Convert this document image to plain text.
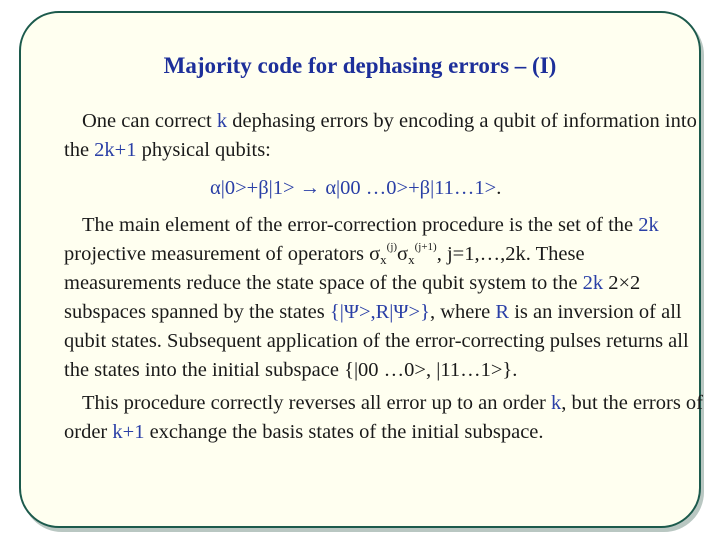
Majority code for dephasing errors – (I)

One can correct k dephasing errors by encoding a qubit of information into the 2k+1 physical qubits:

α|0>+β|1> → α|00 …0>+β|11…1>.

The main element of the error-correction procedure is the set of the 2k projective measurement of operators $\sigma_x^{(j)}\sigma_x^{(j+1)}$, j=1,…,2k. These measurements reduce the state space of the qubit system to the 2k 2×2 subspaces spanned by the states {|Ψ>,R|Ψ>}, where R is an inversion of all qubit states. Subsequent application of the error-correcting pulses returns all the states into the initial subspace {|00 …0>, |11…1>}.

This procedure correctly reverses all error up to an order k, but the errors of order k+1 exchange the basis states of the initial subspace.
